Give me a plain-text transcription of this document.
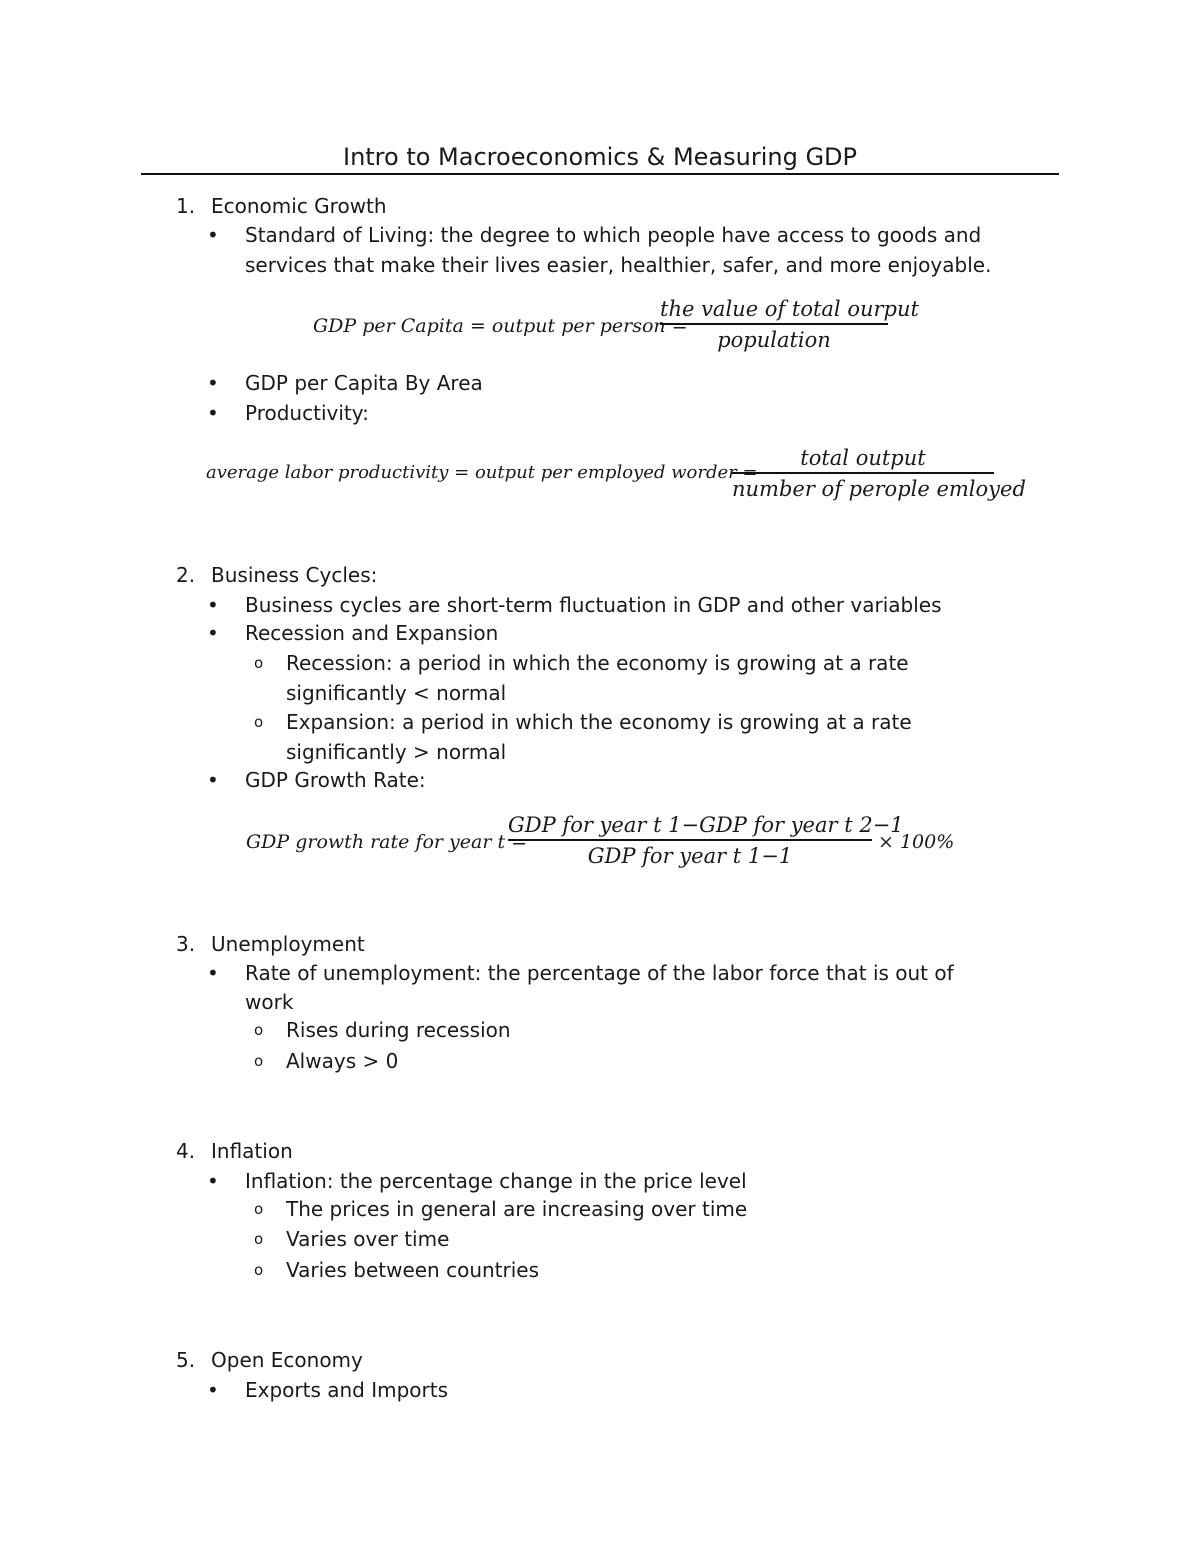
Intro to Macroeconomics & Measuring GDP
1. Economic Growth
•	Standard of Living: the degree to which people have access to goods and
services that make their lives easier, healthier, safer, and more enjoyable.
GDP per Capita = output per person =
the value of total ourput
population
•	GDP per Capita By Area
•	Productivity:
average labor productivity = output per employed worder =
total output
number of perople emloyed
2. Business Cycles:
•	Business cycles are short-term fluctuation in GDP and other variables
•	Recession and Expansion
o Recession: a period in which the economy is growing at a rate
significantly < normal
o Expansion: a period in which the economy is growing at a rate
significantly > normal
•	GDP Growth Rate:
GDP growth rate for year t =
GDP for year t 1−GDP for year t 2−1
GDP for year t 1−1
× 100%
3. Unemployment
•	Rate of unemployment: the percentage of the labor force that is out of
work
o Rises during recession
o Always > 0
4. Inflation
•	Inflation: the percentage change in the price level
o The prices in general are increasing over time
o Varies over time
o Varies between countries
5. Open Economy
•	Exports and Imports
